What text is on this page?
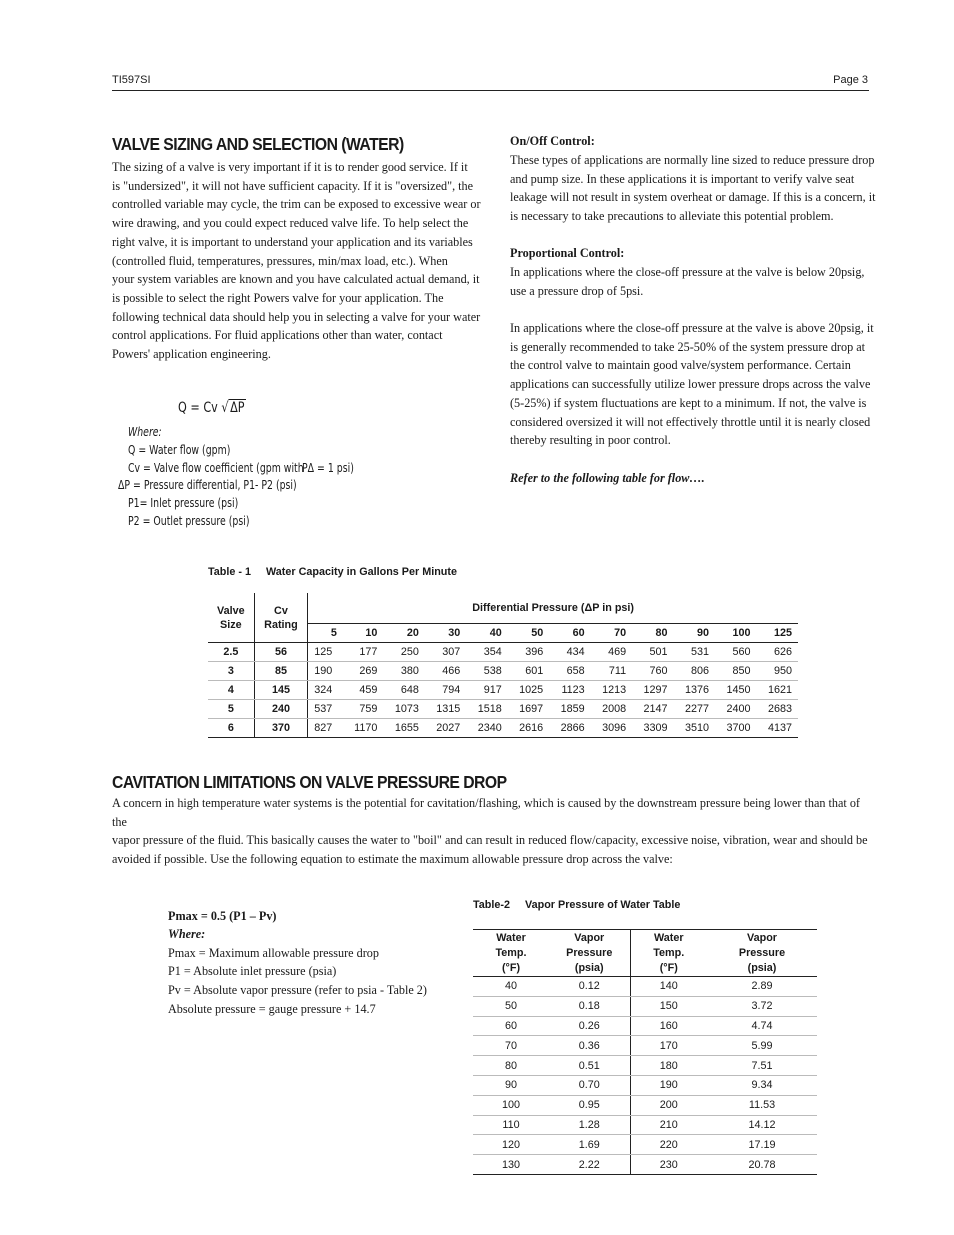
TI597SI	Page 3
VALVE SIZING AND SELECTION (WATER)
The sizing of a valve is very important if it is to render good service. If it
is "undersized", it will not have sufficient capacity. If it is "oversized", the
controlled variable may cycle, the trim can be exposed to excessive wear or
wire drawing, and you could expect reduced valve life. To help select the
right valve, it is important to understand your application and its variables
(controlled fluid, temperatures, pressures, min/max load, etc.). When
your system variables are known and you have calculated actual demand, it
is possible to select the right Powers valve for your application. The
following technical data should help you in selecting a valve for your water
control applications. For fluid applications other than water, contact
Powers' application engineering.
Q = Cv √ ΔP
Where:
Q = Water flow (gpm)
Cv = Valve flow coefficient (gpm with
PΔ = 1 psi)
ΔP = Pressure differential, P1- P2 (psi)
P1= Inlet pressure (psi)
P2 = Outlet pressure (psi)
On/Off Control:
These types of applications are normally line sized to reduce pressure drop
and pump size. In these applications it is important to verify valve seat
leakage will not result in system overheat or damage. If this is a concern, it
is necessary to take precautions to alleviate this potential problem.
Proportional Control:
In applications where the close-off pressure at the valve is below 20psig,
use a pressure drop of 5psi.
In applications where the close-off pressure at the valve is above 20psig, it
is generally recommended to take 25-50% of the system pressure drop at
the control valve to maintain good valve/system performance. Certain
applications can successfully utilize lower pressure drops across the valve
(5-25%) if system fluctuations are kept to a minimum. If not, the valve is
considered oversized it will not effectively throttle until it is nearly closed
thereby resulting in poor control.
Refer to the following table for flow….
Table - 1     Water Capacity in Gallons Per Minute
Valve
Size	Cv
Rating	Differential Pressure (ΔP in psi)											
		5	10	20	30	40	50	60	70	80	90	100	125
2.5	56	125	177	250	307	354	396	434	469	501	531	560	626
3	85	190	269	380	466	538	601	658	711	760	806	850	950
4	145	324	459	648	794	917	1025	1123	1213	1297	1376	1450	1621
5	240	537	759	1073	1315	1518	1697	1859	2008	2147	2277	2400	2683
6	370	827	1170	1655	2027	2340	2616	2866	3096	3309	3510	3700	4137
CAVITATION LIMITATIONS ON VALVE PRESSURE DROP
A concern in high temperature water systems is the potential for cavitation/flashing, which is caused by the downstream pressure being lower than that of the
vapor pressure of the fluid. This basically causes the water to "boil" and can result in reduced flow/capacity, excessive noise, vibration, wear and should be
avoided if possible. Use the following equation to estimate the maximum allowable pressure drop across the valve:
Pmax = 0.5 (P1 – Pv)
Where:
Pmax = Maximum allowable pressure drop
P1 = Absolute inlet pressure (psia)
Pv = Absolute vapor pressure (refer to psia - Table 2)
Absolute pressure = gauge pressure + 14.7
Table-2     Vapor Pressure of Water Table
Water
Temp.
(°F)	Vapor
Pressure
(psia)	Water
Temp.
(°F)	Vapor
Pressure
(psia)
40	0.12	140	2.89
50	0.18	150	3.72
60	0.26	160	4.74
70	0.36	170	5.99
80	0.51	180	7.51
90	0.70	190	9.34
100	0.95	200	11.53
110	1.28	210	14.12
120	1.69	220	17.19
130	2.22	230	20.78
